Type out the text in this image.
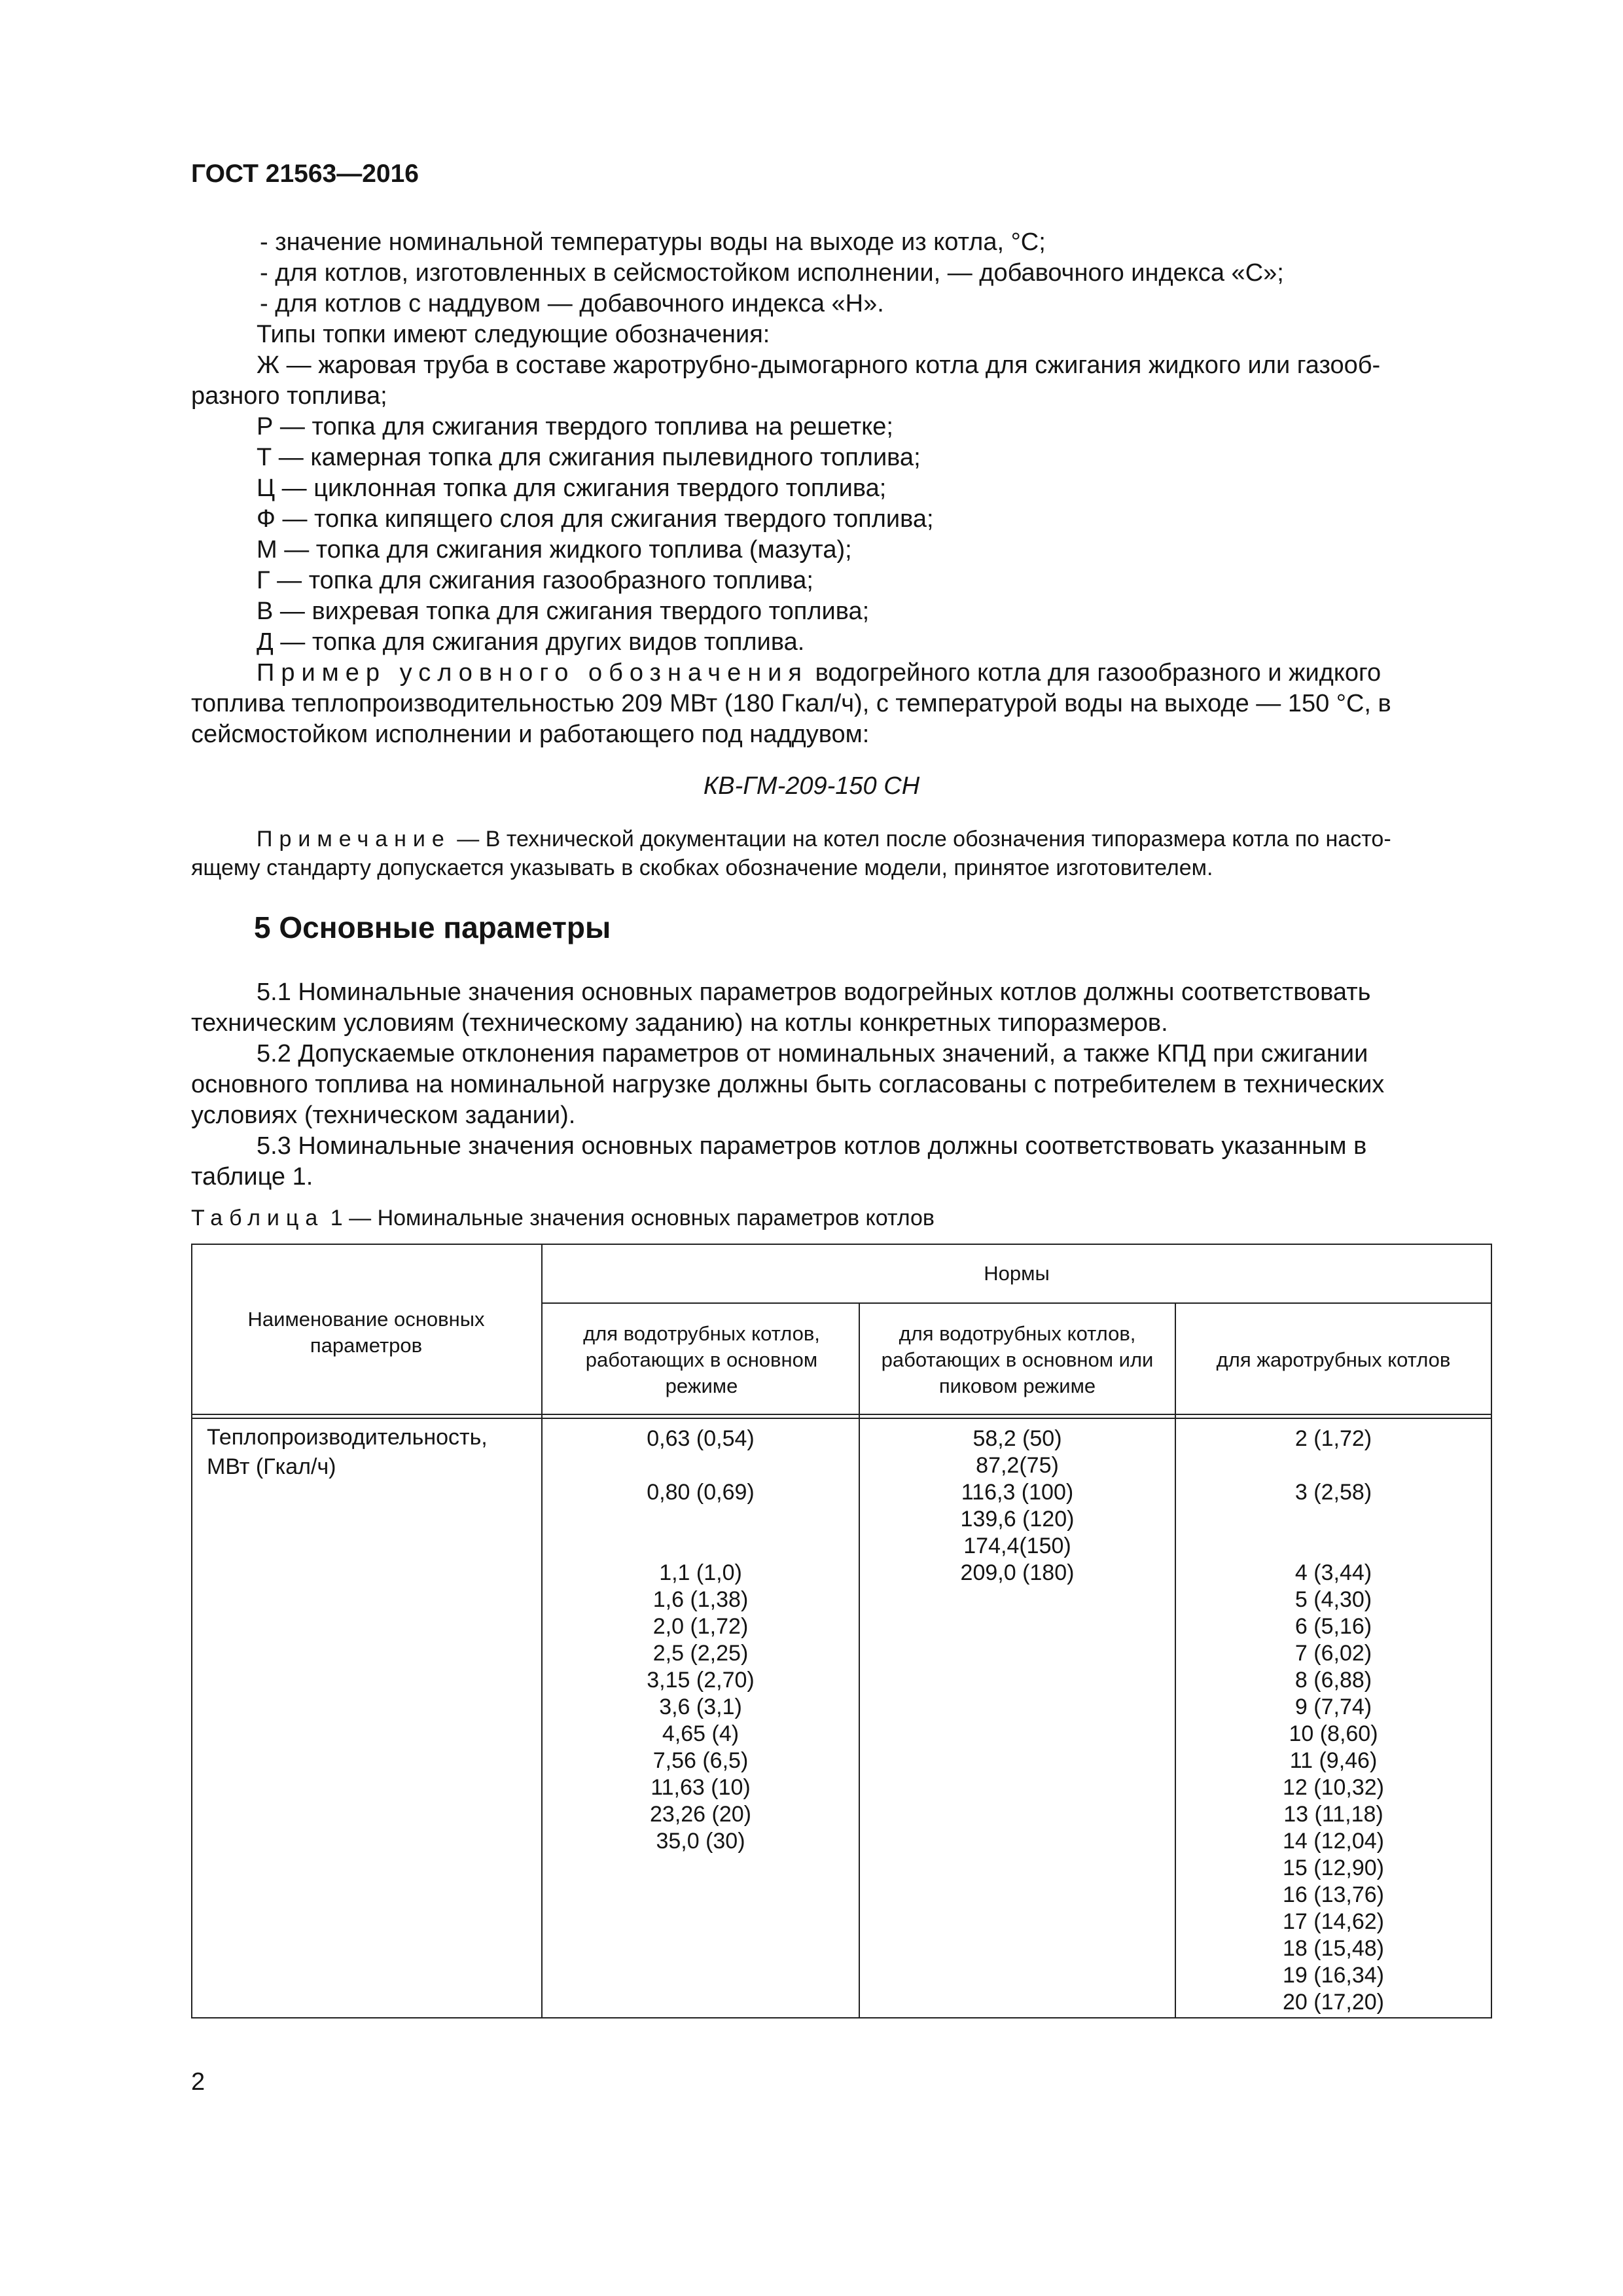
ГОСТ 21563—2016
- значение номинальной температуры воды на выходе из котла, °С;
- для котлов, изготовленных в сейсмостойком исполнении, — добавочного индекса «С»;
- для котлов с наддувом — добавочного индекса «Н».
Типы топки имеют следующие обозначения:
Ж — жаровая труба в составе жаротрубно-дымогарного котла для сжигания жидкого или газооб-
разного топлива;
Р — топка для сжигания твердого топлива на решетке;
Т — камерная топка для сжигания пылевидного топлива;
Ц — циклонная топка для сжигания твердого топлива;
Ф — топка кипящего слоя для сжигания твердого топлива;
М — топка для сжигания жидкого топлива (мазута);
Г — топка для сжигания газообразного топлива;
В — вихревая топка для сжигания твердого топлива;
Д — топка для сжигания других видов топлива.
Пример условного обозначения водогрейного котла для газообразного и жидкого
топлива теплопроизводительностью 209 МВт (180 Гкал/ч), с температурой воды на выходе — 150 °С, в
сейсмостойком исполнении и работающего под наддувом:
КВ-ГМ-209-150 СН
Примечание — В технической документации на котел после обозначения типоразмера котла по насто-
ящему стандарту допускается указывать в скобках обозначение модели, принятое изготовителем.
5 Основные параметры
5.1 Номинальные значения основных параметров водогрейных котлов должны соответствовать
техническим условиям (техническому заданию) на котлы конкретных типоразмеров.
5.2 Допускаемые отклонения параметров от номинальных значений, а также КПД при сжигании
основного топлива на номинальной нагрузке должны быть согласованы с потребителем в технических
условиях (техническом задании).
5.3 Номинальные значения основных параметров котлов должны соответствовать указанным в
таблице 1.
Таблица 1 — Номинальные значения основных параметров котлов
Наименование основных параметров
Нормы
для водотрубных котлов, работающих в основном режиме
для водотрубных котлов, работающих в основном или пиковом режиме
для жаротрубных котлов
Теплопроизводительность, МВт (Гкал/ч)
0,63 (0,54)
0,80 (0,69)
1,1 (1,0)
1,6 (1,38)
2,0 (1,72)
2,5 (2,25)
3,15 (2,70)
3,6 (3,1)
4,65 (4)
7,56 (6,5)
11,63 (10)
23,26 (20)
35,0 (30)
58,2 (50)
87,2(75)
116,3 (100)
139,6 (120)
174,4(150)
209,0 (180)
2 (1,72)
3 (2,58)
4 (3,44)
5 (4,30)
6 (5,16)
7 (6,02)
8 (6,88)
9 (7,74)
10 (8,60)
11 (9,46)
12 (10,32)
13 (11,18)
14 (12,04)
15 (12,90)
16 (13,76)
17 (14,62)
18 (15,48)
19 (16,34)
20 (17,20)
2
